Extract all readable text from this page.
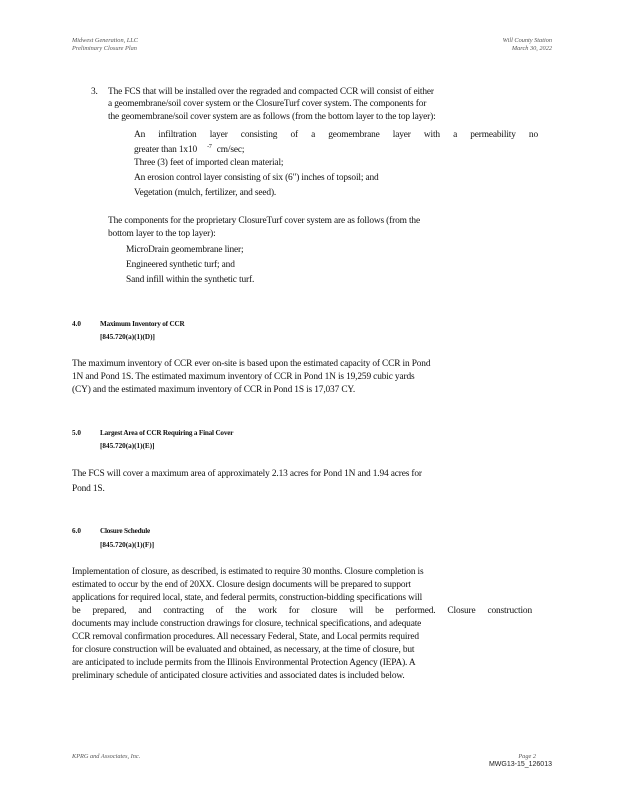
Midwest Generation, LLC
Preliminary Closure Plan
Will County Station
March 30, 2022
3. The FCS that will be installed over the regraded and compacted CCR will consist of either
a geomembrane/soil cover system or the ClosureTurf cover system. The components for
the geomembrane/soil cover system are as follows (from the bottom layer to the top layer):
An infiltration layer consisting of a geomembrane layer with a permeability no
greater than 1x10 $^{-7}$ cm/sec;
Three (3) feet of imported clean material;
An erosion control layer consisting of six (6") inches of topsoil; and
Vegetation (mulch, fertilizer, and seed).
The components for the proprietary ClosureTurf cover system are as follows (from the
bottom layer to the top layer):
MicroDrain geomembrane liner;
Engineered synthetic turf; and
Sand infill within the synthetic turf.
4.0	Maximum Inventory of CCR
[845.720(a)(1)(D)]
The maximum inventory of CCR ever on-site is based upon the estimated capacity of CCR in Pond
1N and Pond 1S. The estimated maximum inventory of CCR in Pond 1N is 19,259 cubic yards
(CY) and the estimated maximum inventory of CCR in Pond 1S is 17,037 CY.
5.0	Largest Area of CCR Requiring a Final Cover
[845.720(a)(1)(E)]
The FCS will cover a maximum area of approximately 2.13 acres for Pond 1N and 1.94 acres for
Pond 1S.
6.0	Closure Schedule
[845.720(a)(1)(F)]
Implementation of closure, as described, is estimated to require 30 months. Closure completion is
estimated to occur by the end of 20XX. Closure design documents will be prepared to support
applications for required local, state, and federal permits, construction-bidding specifications will
be prepared, and contracting of the work for closure will be performed. Closure construction
documents may include construction drawings for closure, technical specifications, and adequate
CCR removal confirmation procedures. All necessary Federal, State, and Local permits required
for closure construction will be evaluated and obtained, as necessary, at the time of closure, but
are anticipated to include permits from the Illinois Environmental Protection Agency (IEPA). A
preliminary schedule of anticipated closure activities and associated dates is included below.
KPRG and Associates, Inc.	Page 2
MWG13-15_126013
